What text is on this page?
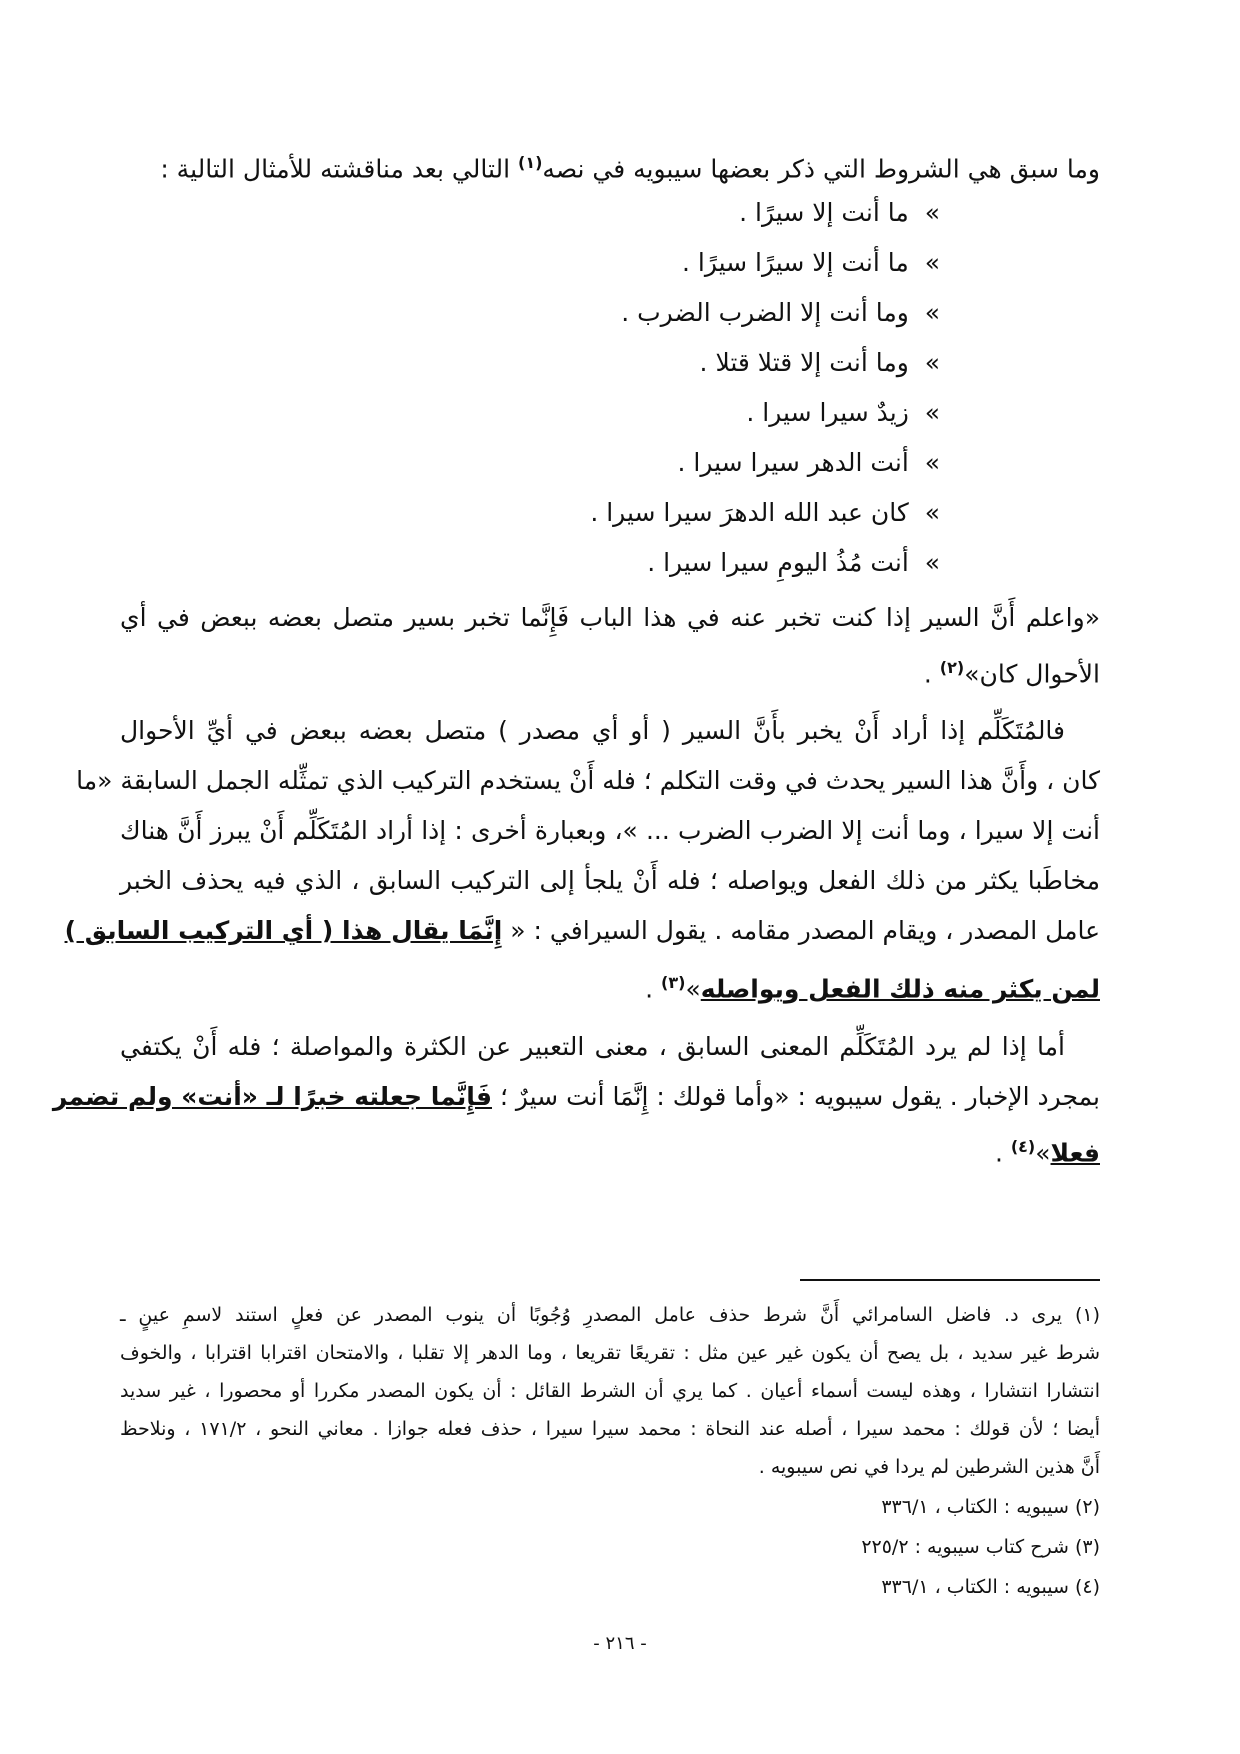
وما سبق هي الشروط التي ذكر بعضها سيبويه في نصه$^{(١)}$ التالي بعد مناقشته للأمثال التالية :
»  ما أنت إلا سيرًا .
»  ما أنت إلا سيرًا سيرًا .
»  وما أنت إلا الضرب الضرب .
»  وما أنت إلا قتلا قتلا .
»  زيدٌ سيرا سيرا .
»  أنت الدهر سيرا سيرا .
»  كان عبد الله الدهرَ سيرا سيرا .
»  أنت مُذُ اليومِ سيرا سيرا .
«واعلم أَنَّ السير إذا كنت تخبر عنه في هذا الباب فَإِنَّما تخبر بسير متصل بعضه ببعض في أي
الأحوال كان»$^{(٢)}$ .
فالمُتَكَلِّم إذا أراد أَنْ يخبر بأَنَّ السير ( أو أي مصدر ) متصل بعضه ببعض في أيِّ الأحوال
كان ، وأَنَّ هذا السير يحدث في وقت التكلم ؛ فله أَنْ يستخدم التركيب الذي تمثِّله الجمل السابقة «ما
أنت إلا سيرا ، وما أنت إلا الضرب الضرب ... »، وبعبارة أخرى : إذا أراد المُتَكَلِّم أَنْ يبرز أَنَّ هناك
مخاطَبا يكثر من ذلك الفعل ويواصله ؛ فله أَنْ يلجأ إلى التركيب السابق ، الذي فيه يحذف الخبر
عامل المصدر ، ويقام المصدر مقامه . يقول السيرافي : « إِنَّمَا يقال هذا ( أي التركيب السابق )
لمن يكثر منه ذلك الفعل ويواصله»$^{(٣)}$ .
أما إذا لم يرد المُتَكَلِّم المعنى السابق ، معنى التعبير عن الكثرة والمواصلة ؛ فله أَنْ يكتفي
بمجرد الإخبار . يقول سيبويه : «وأما قولك : إِنَّمَا أنت سيرٌ ؛ فَإِنَّما جعلته خبرًا لـ «أنت» ولم تضمر
فعلا»$^{(٤)}$ .
(١) يرى د. فاضل السامرائي أَنَّ شرط حذف عامل المصدرِ وُجُوبًا أن ينوب المصدر عن فعلٍ استند لاسمِ عينٍ ـ
شرط غير سديد ، بل يصح أن يكون غير عين مثل : تقريعًا تقريعا ، وما الدهر إلا تقلبا ، والامتحان اقترابا اقترابا ، والخوف
انتشارا انتشارا ، وهذه ليست أسماء أعيان . كما يري أن الشرط القائل : أن يكون المصدر مكررا أو محصورا ، غير سديد
أيضا ؛ لأن قولك : محمد سيرا ، أصله عند النحاة : محمد سيرا سيرا ، حذف فعله جوازا . معاني النحو ، ١٧١/٢ ، ونلاحظ
أَنَّ هذين الشرطين لم يردا في نص سيبويه .
(٢) سيبويه : الكتاب ، ٣٣٦/١
(٣) شرح كتاب سيبويه : ٢٢٥/٢
(٤) سيبويه : الكتاب ، ٣٣٦/١
- ٢١٦ -
